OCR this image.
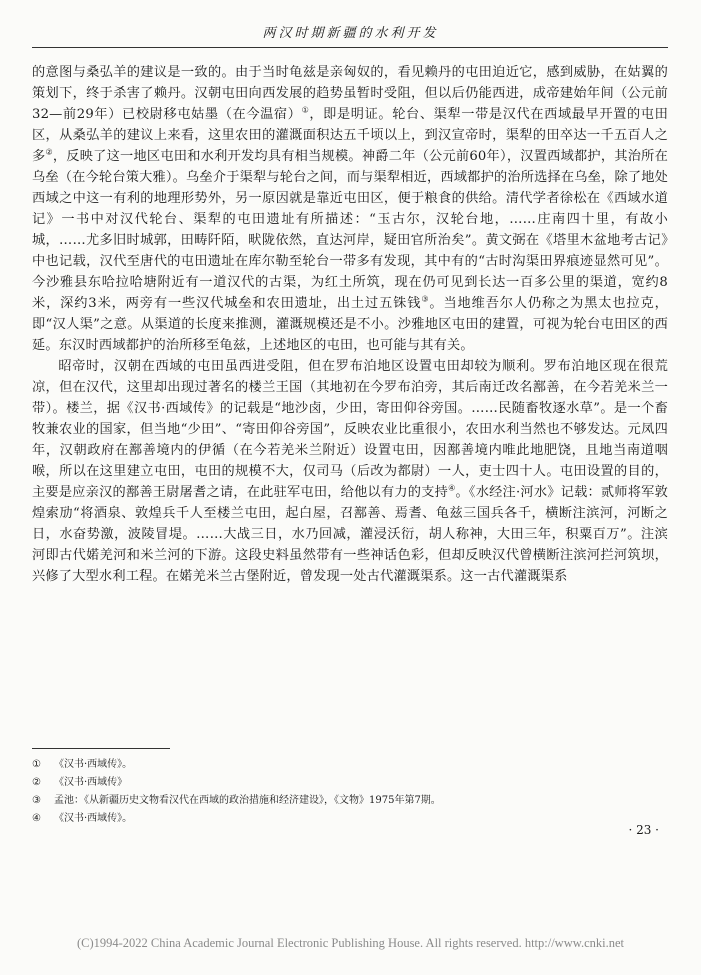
两汉时期新疆的水利开发

的意图与桑弘羊的建议是一致的。由于当时龟兹是亲匈奴的，看见赖丹的屯田迫近它，感到威胁，在姑翼的策划下，终于杀害了赖丹。汉朝屯田向西发展的趋势虽暂时受阻，但以后仍能西进，成帝建始年间（公元前32—前29年）已校尉移屯姑墨（在今温宿）①，即是明证。轮台、渠犁一带是汉代在西域最早开置的屯田区，从桑弘羊的建议上来看，这里农田的灌溉面积达五千顷以上，到汉宣帝时，渠犁的田卒达一千五百人之多②，反映了这一地区屯田和水利开发均具有相当规模。神爵二年（公元前60年），汉置西域都护，其治所在乌垒（在今轮台策大雅）。乌垒介于渠犁与轮台之间，而与渠犁相近，西域都护的治所选择在乌垒，除了地处西域之中这一有利的地理形势外，另一原因就是靠近屯田区，便于粮食的供给。清代学者徐松在《西域水道记》一书中对汉代轮台、渠犁的屯田遗址有所描述：“玉古尔，汉轮台地，……庄南四十里，有故小城，……尤多旧时城郭，田畴阡陌，畎陇依然，直达河岸，疑田官所治矣”。黄文弼在《塔里木盆地考古记》中也记载，汉代至唐代的屯田遗址在库尔勒至轮台一带多有发现，其中有的“古时沟渠田界痕迹显然可见”。今沙雅县东哈拉哈塘附近有一道汉代的古渠，为红土所筑，现在仍可见到长达一百多公里的渠道，宽约8米，深约3米，两旁有一些汉代城垒和农田遗址，出土过五铢钱③。当地维吾尔人仍称之为黑太也拉克，即“汉人渠”之意。从渠道的长度来推测，灌溉规模还是不小。沙雅地区屯田的建置，可视为轮台屯田区的西延。东汉时西域都护的治所移至龟兹，上述地区的屯田，也可能与其有关。

昭帝时，汉朝在西域的屯田虽西进受阻，但在罗布泊地区设置屯田却较为顺利。罗布泊地区现在很荒凉，但在汉代，这里却出现过著名的楼兰王国（其地初在今罗布泊旁，其后南迁改名鄯善，在今若羌米兰一带）。楼兰，据《汉书·西域传》的记载是“地沙卤，少田，寄田仰谷旁国。……民随畜牧逐水草”。是一个畜牧兼农业的国家，但当地“少田”、“寄田仰谷旁国”，反映农业比重很小，农田水利当然也不够发达。元凤四年，汉朝政府在鄯善境内的伊循（在今若羌米兰附近）设置屯田，因鄯善境内唯此地肥饶，且地当南道咽喉，所以在这里建立屯田，屯田的规模不大，仅司马（后改为都尉）一人，吏士四十人。屯田设置的目的，主要是应亲汉的鄯善王尉屠耆之请，在此驻军屯田，给他以有力的支持④。《水经注·河水》记载：贰师将军敦煌索劢“将酒泉、敦煌兵千人至楼兰屯田，起白屋，召鄯善、焉耆、龟兹三国兵各千，横断注滨河，河断之日，水奋势激，波陵冒堤。……大战三日，水乃回减，灌浸沃衍，胡人称神，大田三年，积粟百万”。注滨河即古代婼羌河和米兰河的下游。这段史料虽然带有一些神话色彩，但却反映汉代曾横断注滨河拦河筑坝，兴修了大型水利工程。在婼羌米兰古堡附近，曾发现一处古代灌溉渠系。这一古代灌溉渠系

① 《汉书·西域传》。
② 《汉书·西域传》
③ 孟池：《从新疆历史文物看汉代在西域的政治措施和经济建设》，《文物》1975年第7期。
④ 《汉书·西域传》。
· 23 ·
(C)1994-2022 China Academic Journal Electronic Publishing House. All rights reserved. http://www.cnki.net
